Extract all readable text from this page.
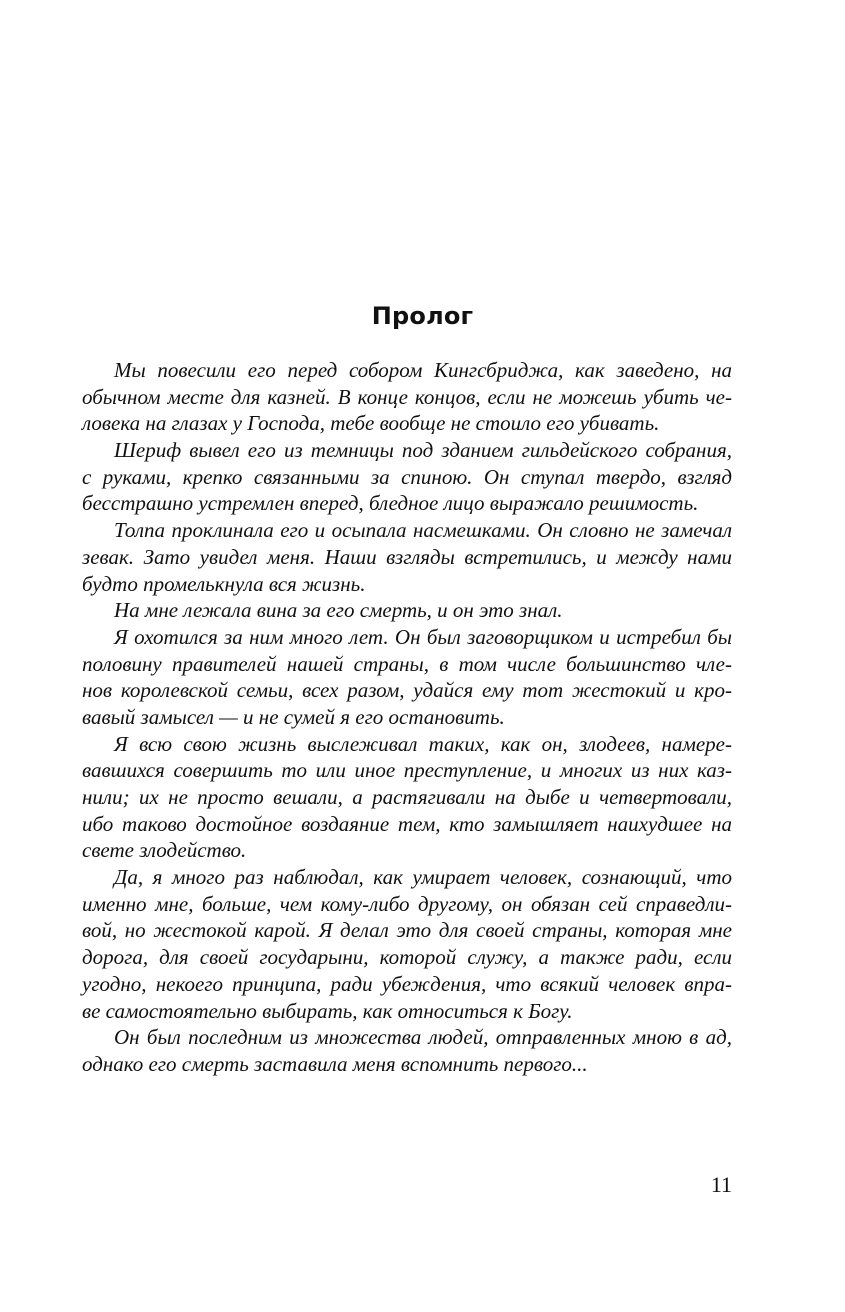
Пролог
Мы повесили его перед собором Кингсбриджа, как заведено, на
обычном месте для казней. В конце концов, если не можешь убить че-
ловека на глазах у Господа, тебе вообще не стоило его убивать.
Шериф вывел его из темницы под зданием гильдейского собрания,
с руками, крепко связанными за спиною. Он ступал твердо, взгляд
бесстрашно устремлен вперед, бледное лицо выражало решимость.
Толпа проклинала его и осыпала насмешками. Он словно не замечал
зевак. Зато увидел меня. Наши взгляды встретились, и между нами
будто промелькнула вся жизнь.
На мне лежала вина за его смерть, и он это знал.
Я охотился за ним много лет. Он был заговорщиком и истребил бы
половину правителей нашей страны, в том числе большинство чле-
нов королевской семьи, всех разом, удайся ему тот жестокий и кро-
вавый замысел — и не сумей я его остановить.
Я всю свою жизнь выслеживал таких, как он, злодеев, намере-
вавшихся совершить то или иное преступление, и многих из них каз-
нили; их не просто вешали, а растягивали на дыбе и четвертовали,
ибо таково достойное воздаяние тем, кто замышляет наихудшее на
свете злодейство.
Да, я много раз наблюдал, как умирает человек, сознающий, что
именно мне, больше, чем кому-либо другому, он обязан сей справедли-
вой, но жестокой карой. Я делал это для своей страны, которая мне
дорога, для своей государыни, которой служу, а также ради, если
угодно, некоего принципа, ради убеждения, что всякий человек впра-
ве самостоятельно выбирать, как относиться к Богу.
Он был последним из множества людей, отправленных мною в ад,
однако его смерть заставила меня вспомнить первого...
11
